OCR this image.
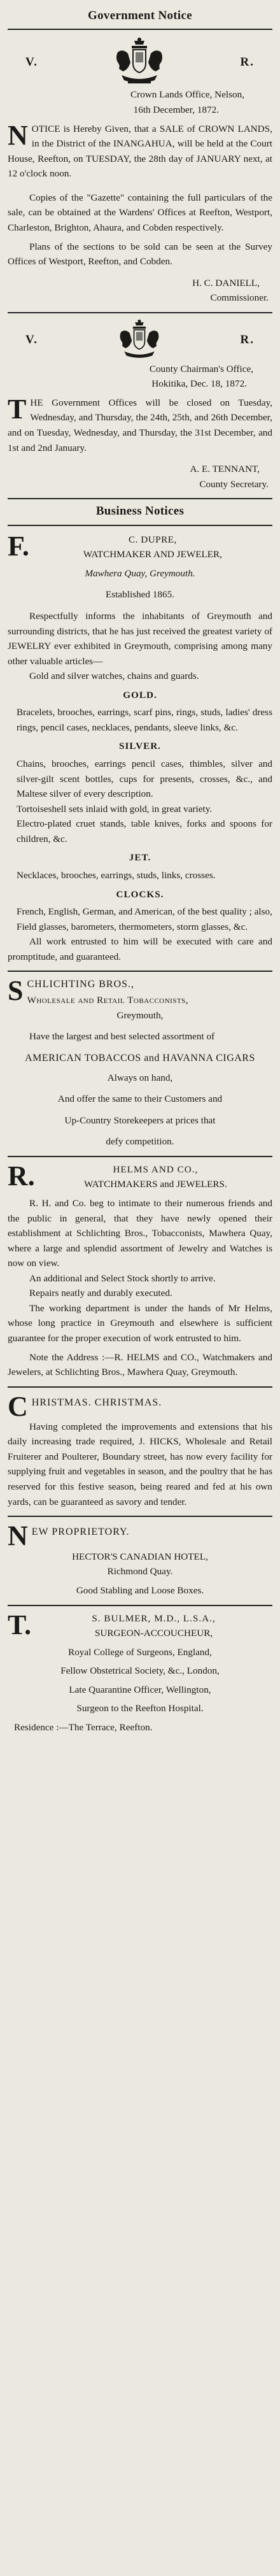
Government Notice
V.	R.
Crown Lands Office, Nelson,
16th December, 1872.
N OTICE is Hereby Given, that a SALE of CROWN LANDS, in the District of the INANGAHUA, will be held at the Court House, Reefton, on TUESDAY, the 28th day of JANUARY next, at 12 o'clock noon.

Copies of the "Gazette" containing the full particulars of the sale, can be obtained at the Wardens' Offices at Reefton, Westport, Charleston, Brighton, Ahaura, and Cobden respectively.

Plans of the sections to be sold can be seen at the Survey Offices of Westport, Reefton, and Cobden.

H. C. DANIELL,
Commissioner.
V.	R.
County Chairman's Office,
Hokitika, Dec. 18, 1872.
T HE Government Offices will be closed on Tuesday, Wednesday, and Thursday, the 24th, 25th, and 26th December, and on Tuesday, Wednesday, and Thursday, the 31st December, and 1st and 2nd January.

A. E. TENNANT,
County Secretary.
Business Notices
F.	C. DUPRE,
WATCHMAKER AND JEWELER,
Mawhera Quay, Greymouth.
Established 1865.

Respectfully informs the inhabitants of Greymouth and surrounding districts, that he has just received the greatest variety of JEWELRY ever exhibited in Greymouth, comprising among many other valuable articles—

Gold and silver watches, chains and guards.

GOLD.

Bracelets, brooches, earrings, scarf pins, rings, studs, ladies' dress rings, pencil cases, necklaces, pendants, sleeve links, &c.

SILVER.

Chains, brooches, earrings pencil cases, thimbles, silver and silver-gilt scent bottles, cups for presents, crosses, &c., and Maltese silver of every description.

Tortoiseshell sets inlaid with gold, in great variety.

Electro-plated cruet stands, table knives, forks and spoons for children, &c.

JET.

Necklaces, brooches, earrings, studs, links, crosses.

CLOCKS.

French, English, German, and American, of the best quality ; also,

Field glasses, barometers, thermometers, storm glasses, &c.

All work entrusted to him will be executed with care and promptitude, and guaranteed.

S CHLICHTING BROS.,
Wholesale and Retail Tobacconists,
Greymouth,

Have the largest and best selected assortment of

AMERICAN TOBACCOS and HAVANNA CIGARS
Always on hand,
And offer the same to their Customers and
Up-Country Storekeepers at prices that
defy competition.
R.	HELMS AND CO.,
WATCHMAKERS and JEWELERS.

R. H. and Co. beg to intimate to their numerous friends and the public in general, that they have newly opened their establishment at Schlichting Bros., Tobacconists, Mawhera Quay, where a large and splendid assortment of Jewelry and Watches is now on view.

An additional and Select Stock shortly to arrive.

Repairs neatly and durably executed.

The working department is under the hands of Mr Helms, whose long practice in Greymouth and elsewhere is sufficient guarantee for the proper execution of work entrusted to him.

Note the Address :—R. HELMS and CO., Watchmakers and Jewelers, at Schlichting Bros., Mawhera Quay, Greymouth.

C HRISTMAS. CHRISTMAS.

Having completed the improvements and extensions that his daily increasing trade required, J. HICKS, Wholesale and Retail Fruiterer and Poulterer, Boundary street, has now every facility for supplying fruit and vegetables in season, and the poultry that he has reserved for this festive season, being reared and fed at his own yards, can be guaranteed as savory and tender.

N EW PROPRIETORY.
HECTOR'S CANADIAN HOTEL,
Richmond Quay.
Good Stabling and Loose Boxes.
T.	S. BULMER, M.D., L.S.A.,
SURGEON-ACCOUCHEUR,
Royal College of Surgeons, England,
Fellow Obstetrical Society, &c., London,
Late Quarantine Officer, Wellington,
Surgeon to the Reefton Hospital.
Residence :—The Terrace, Reefton.
